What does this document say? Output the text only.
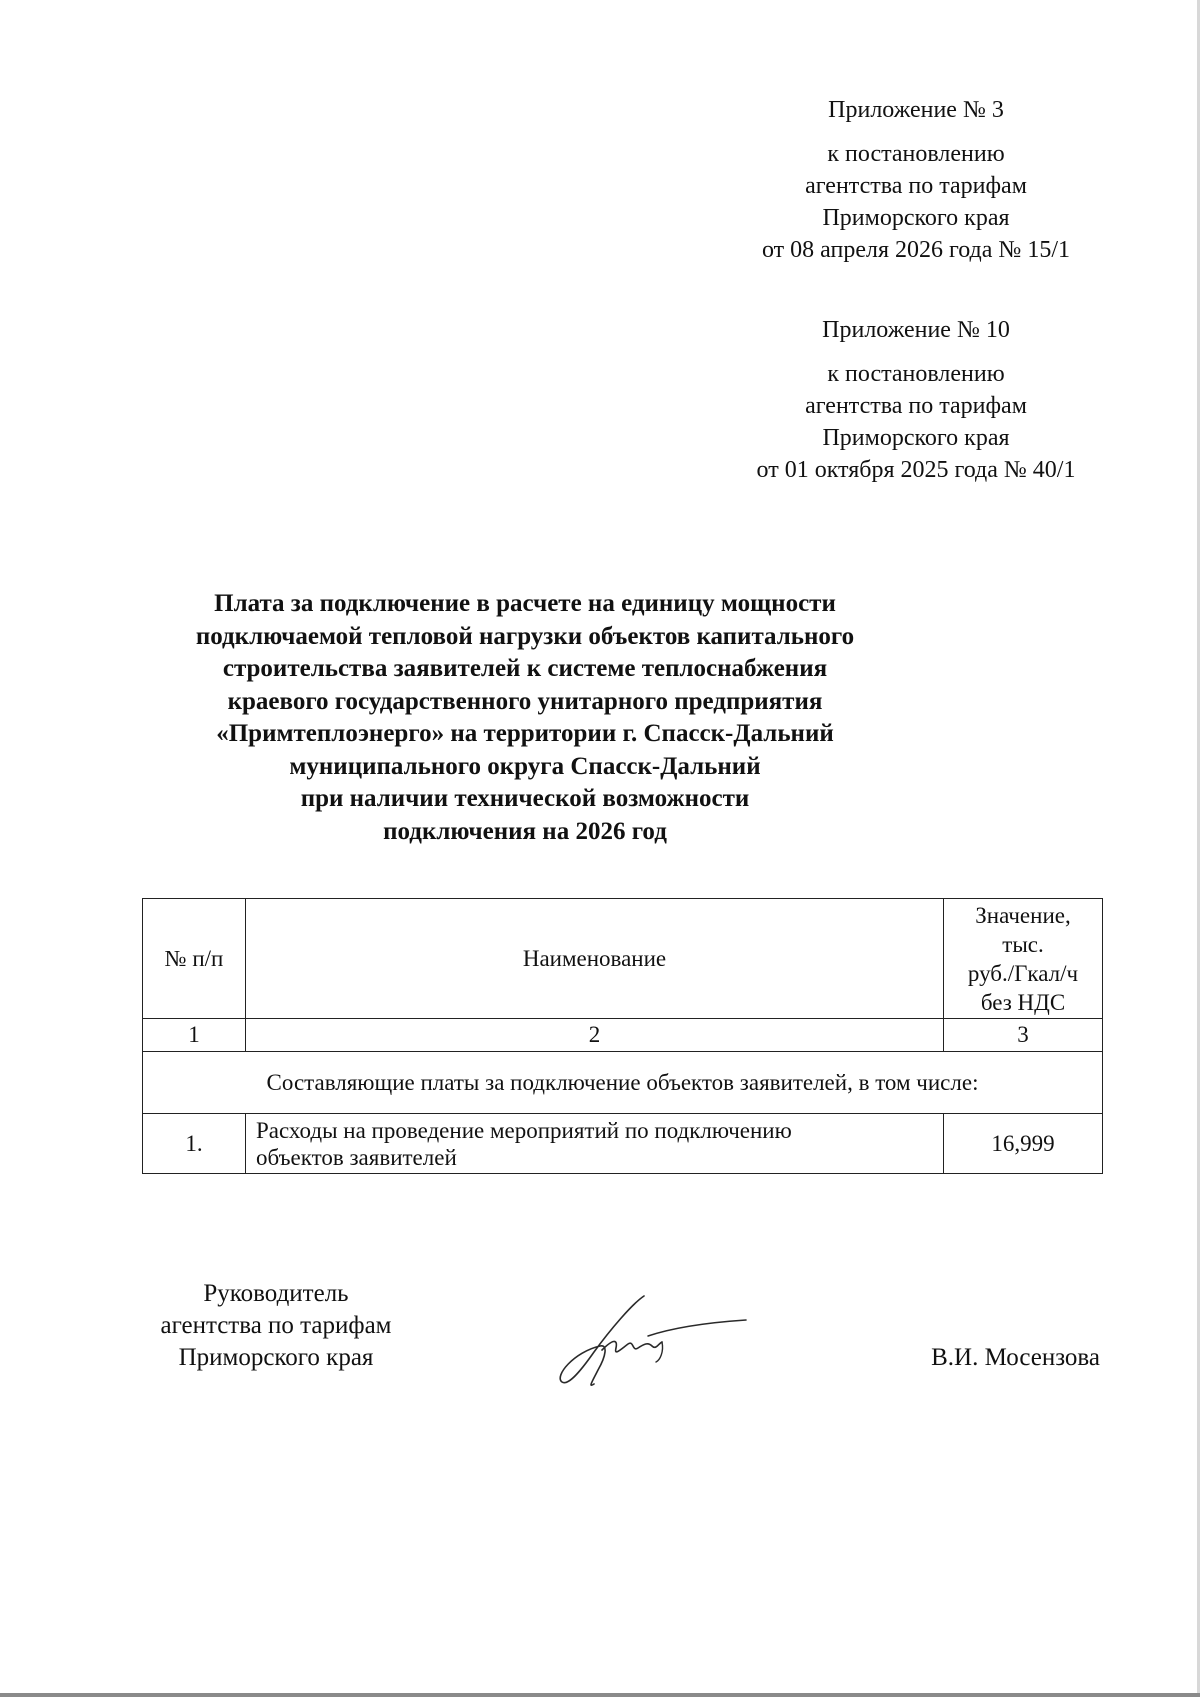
Приложение № 3
к постановлению
агентства по тарифам
Приморского края
от 08 апреля 2026 года № 15/1
Приложение № 10
к постановлению
агентства по тарифам
Приморского края
от 01 октября 2025 года № 40/1
Плата за подключение в расчете на единицу мощности
подключаемой тепловой нагрузки объектов капитального
строительства заявителей к системе теплоснабжения
краевого государственного унитарного предприятия
«Примтеплоэнерго» на территории г. Спасск-Дальний
муниципального округа Спасск-Дальний
при наличии технической возможности
подключения на 2026 год
№ п/п	Наименование	Значение,
тыс.
руб./Гкал/ч
без НДС

1	2	3
Составляющие платы за подключение объектов заявителей, в том числе:		
1.	Расходы на проведение мероприятий по подключению
объектов заявителей	16,999
Руководитель
агентства по тарифам
Приморского края	В.И. Мосензова
